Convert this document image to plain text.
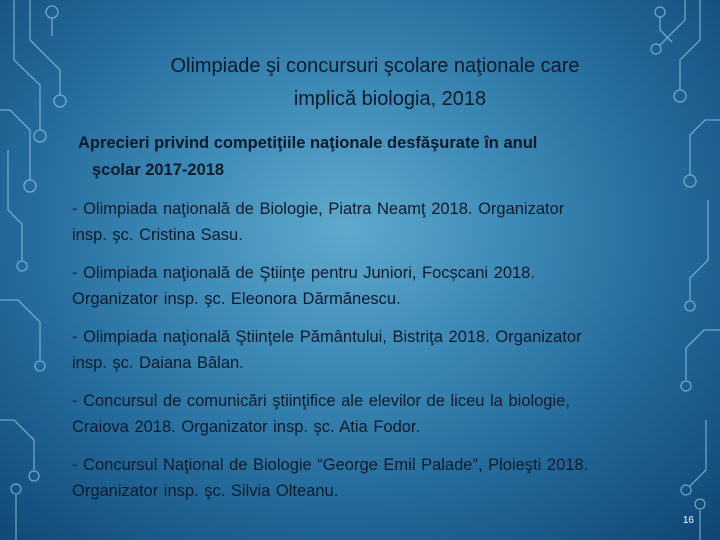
Olimpiade şi concursuri şcolare naţionale care
implică biologia, 2018
Aprecieri privind competiţiile naţionale desfăşurate în anul
şcolar 2017-2018
- Olimpiada naţională de Biologie, Piatra Neamţ 2018. Organizator
insp. şc. Cristina Sasu.
- Olimpiada naţională de Ştiinţe pentru Juniori, Focșcani 2018.
Organizator insp. şc. Eleonora Dărmănescu.
- Olimpiada naţională Ştiinţele Pământului, Bistriţa 2018. Organizator
insp. şc. Daiana Bălan.
- Concursul de comunicări ştiinţifice ale elevilor de liceu la biologie,
Craiova 2018. Organizator insp. şc. Atia Fodor.
- Concursul Naţional de Biologie “George Emil Palade”, Ploieşti 2018.
Organizator insp. şc. Silvia Olteanu.
16
